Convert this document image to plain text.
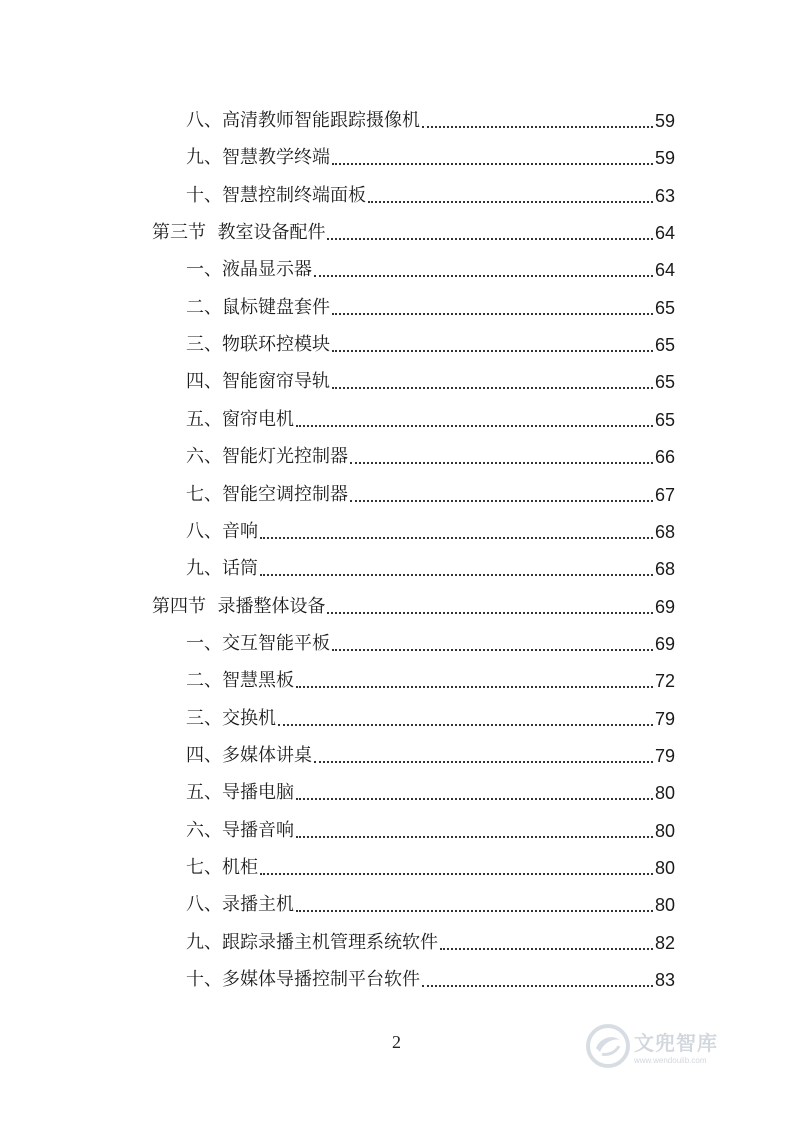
八、高清教师智能跟踪摄像机	59
九、智慧教学终端	59
十、智慧控制终端面板	63
第三节  教室设备配件	64
一、液晶显示器	64
二、鼠标键盘套件	65
三、物联环控模块	65
四、智能窗帘导轨	65
五、窗帘电机	65
六、智能灯光控制器	66
七、智能空调控制器	67
八、音响	68
九、话筒	68
第四节  录播整体设备	69
一、交互智能平板	69
二、智慧黑板	72
三、交换机	79
四、多媒体讲桌	79
五、导播电脑	80
六、导播音响	80
七、机柜	80
八、录播主机	80
九、跟踪录播主机管理系统软件	82
十、多媒体导播控制平台软件	83
2	文兜智库
www.wendoulib.com
